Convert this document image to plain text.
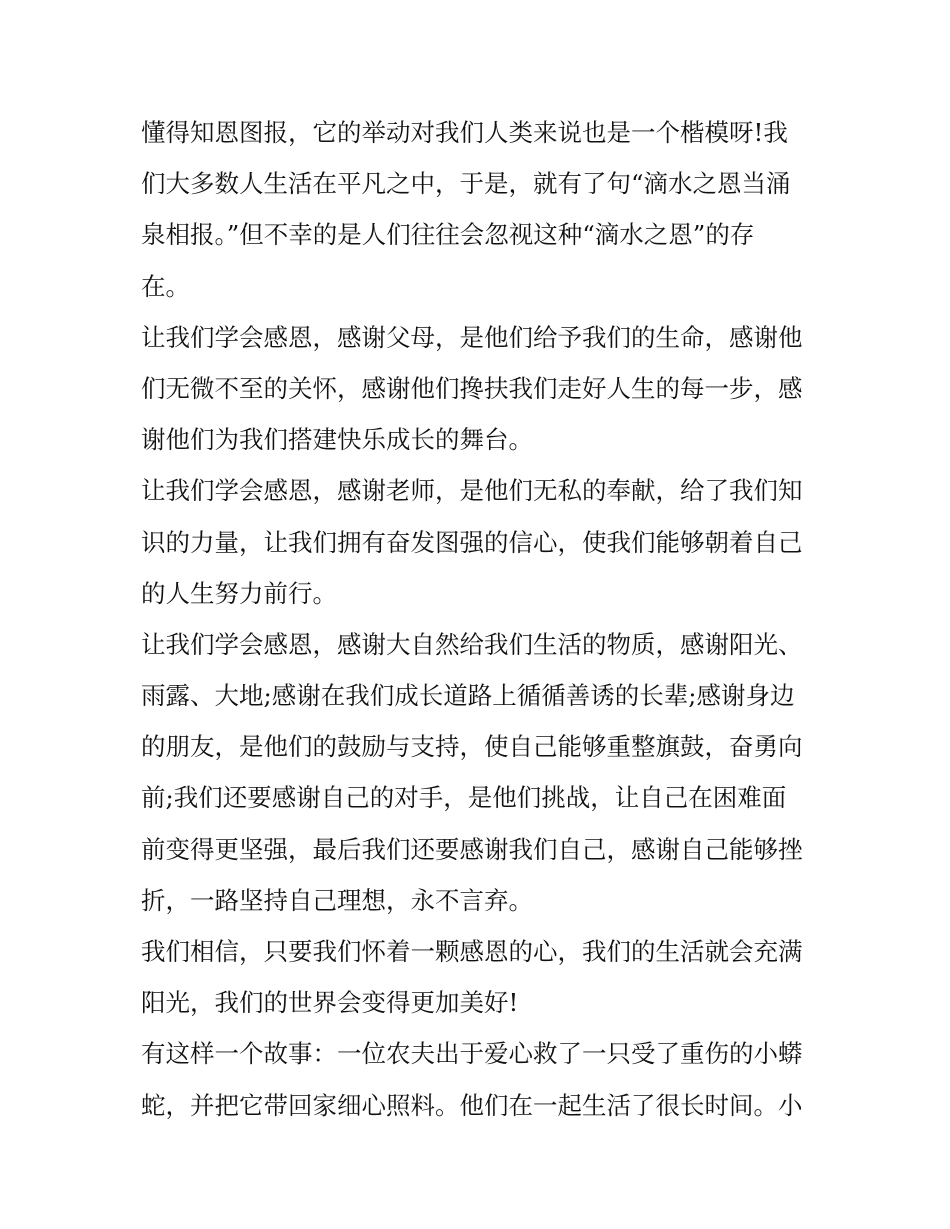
懂得知恩图报，它的举动对我们人类来说也是一个楷模呀!我
们大多数人生活在平凡之中，于是，就有了句“滴水之恩当涌
泉相报。”但不幸的是人们往往会忽视这种“滴水之恩”的存
在。
让我们学会感恩，感谢父母，是他们给予我们的生命，感谢他
们无微不至的关怀，感谢他们搀扶我们走好人生的每一步，感
谢他们为我们搭建快乐成长的舞台。
让我们学会感恩，感谢老师，是他们无私的奉献，给了我们知
识的力量，让我们拥有奋发图强的信心，使我们能够朝着自己
的人生努力前行。
让我们学会感恩，感谢大自然给我们生活的物质，感谢阳光、
雨露、大地;感谢在我们成长道路上循循善诱的长辈;感谢身边
的朋友，是他们的鼓励与支持，使自己能够重整旗鼓，奋勇向
前;我们还要感谢自己的对手，是他们挑战，让自己在困难面
前变得更坚强，最后我们还要感谢我们自己，感谢自己能够挫
折，一路坚持自己理想，永不言弃。
我们相信，只要我们怀着一颗感恩的心，我们的生活就会充满
阳光，我们的世界会变得更加美好!
有这样一个故事：一位农夫出于爱心救了一只受了重伤的小蟒
蛇，并把它带回家细心照料。他们在一起生活了很长时间。小
